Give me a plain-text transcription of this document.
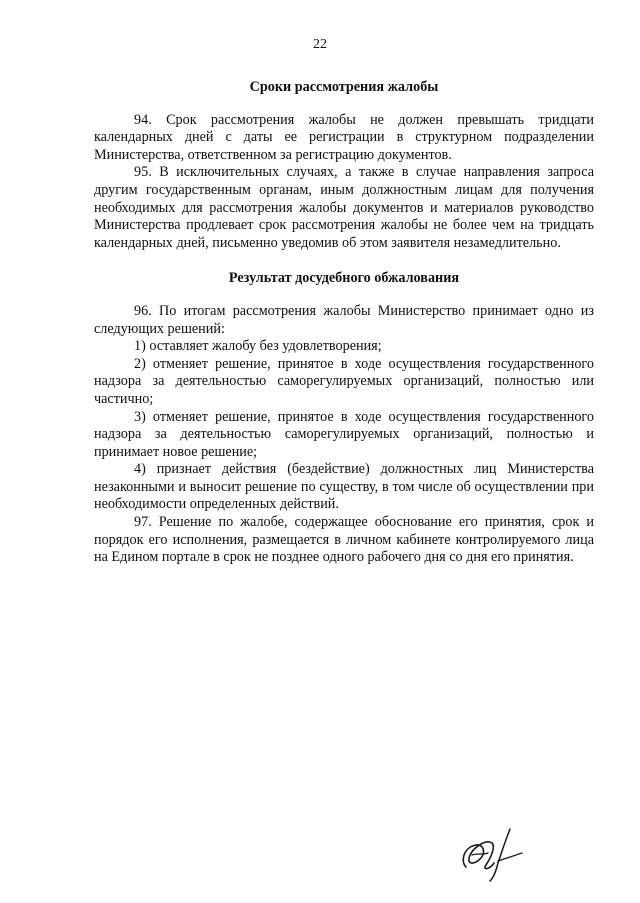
22

Сроки рассмотрения жалобы

94. Срок рассмотрения жалобы не должен превышать тридцати календарных дней с даты ее регистрации в структурном подразделении Министерства, ответственном за регистрацию документов.

95. В исключительных случаях, а также в случае направления запроса другим государственным органам, иным должностным лицам для получения необходимых для рассмотрения жалобы документов и материалов руководство Министерства продлевает срок рассмотрения жалобы не более чем на тридцать календарных дней, письменно уведомив об этом заявителя незамедлительно.

Результат досудебного обжалования

96. По итогам рассмотрения жалобы Министерство принимает одно из следующих решений:

1) оставляет жалобу без удовлетворения;

2) отменяет решение, принятое в ходе осуществления государственного надзора за деятельностью саморегулируемых организаций, полностью или частично;

3) отменяет решение, принятое в ходе осуществления государственного надзора за деятельностью саморегулируемых организаций, полностью и принимает новое решение;

4) признает действия (бездействие) должностных лиц Министерства незаконными и выносит решение по существу, в том числе об осуществлении при необходимости определенных действий.

97. Решение по жалобе, содержащее обоснование его принятия, срок и порядок его исполнения, размещается в личном кабинете контролируемого лица на Едином портале в срок не позднее одного рабочего дня со дня его принятия.
